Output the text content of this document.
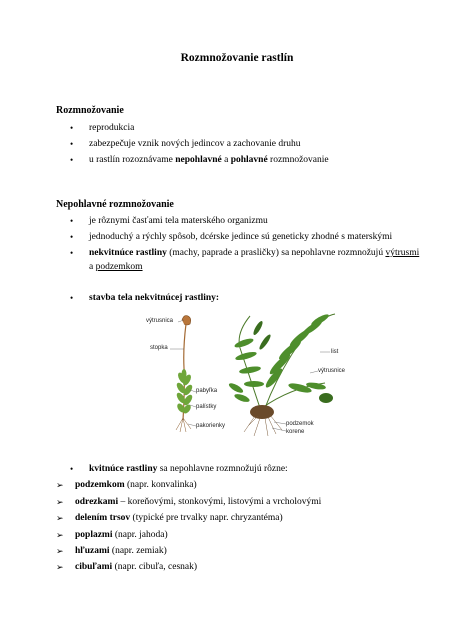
Rozmnožovanie rastlín
Rozmnožovanie
• reprodukcia
• zabezpečuje vznik nových jedincov a zachovanie druhu
• u rastlín rozoznávame nepohlavné a pohlavné rozmnožovanie
Nepohlavné rozmnožovanie
• je rôznymi časťami tela materského organizmu
• jednoduchý a rýchly spôsob, dcérske jedince sú geneticky zhodné s materskými
• nekvitnúce rastliny (machy, paprade a prasličky) sa nepohlavne rozmnožujú výtrusmi
a podzemkom
• stavba tela nekvitnúcej rastliny:
výtrusnica
stopka
pabyľka
palístky
pakorienky
list
výtrusnice
podzemok
korene
• kvitnúce rastliny sa nepohlavne rozmnožujú rôzne:
➢ podzemkom (napr. konvalinka)
➢ odrezkami – koreňovými, stonkovými, listovými a vrcholovými
➢ delením trsov (typické pre trvalky napr. chryzantéma)
➢ poplazmi (napr. jahoda)
➢ hľuzami (napr. zemiak)
➢ cibuľami (napr. cibuľa, cesnak)
